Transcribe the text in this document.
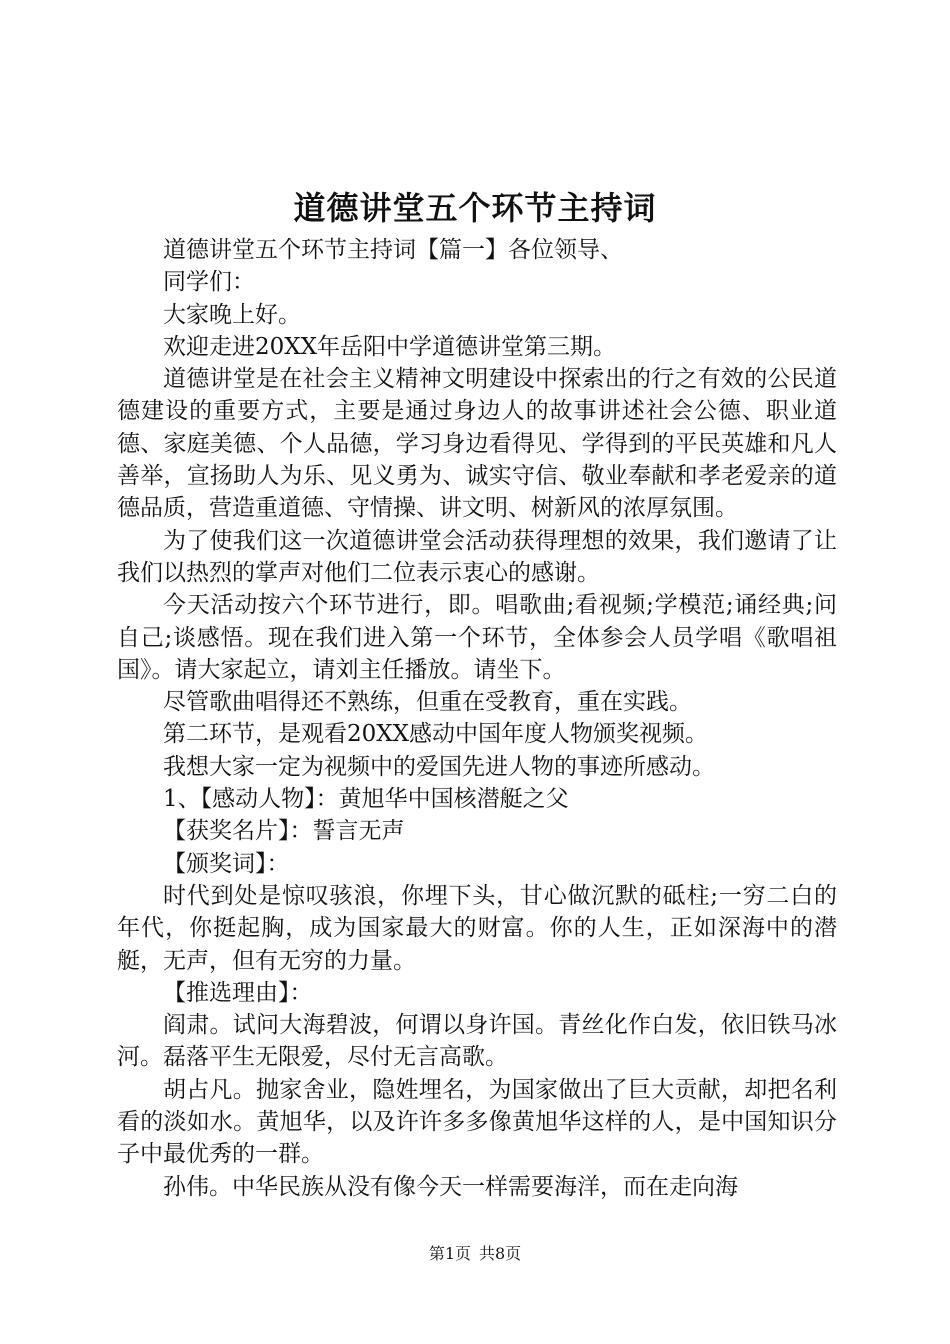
道德讲堂五个环节主持词

道德讲堂五个环节主持词【篇一】各位领导、

同学们：

大家晚上好。

欢迎走进20XX年岳阳中学道德讲堂第三期。

道德讲堂是在社会主义精神文明建设中探索出的行之有效的公民道德建设的重要方式，主要是通过身边人的故事讲述社会公德、职业道德、家庭美德、个人品德，学习身边看得见、学得到的平民英雄和凡人善举，宣扬助人为乐、见义勇为、诚实守信、敬业奉献和孝老爱亲的道德品质，营造重道德、守情操、讲文明、树新风的浓厚氛围。

为了使我们这一次道德讲堂会活动获得理想的效果，我们邀请了让我们以热烈的掌声对他们二位表示衷心的感谢。

今天活动按六个环节进行，即。唱歌曲;看视频;学模范;诵经典;问自己;谈感悟。现在我们进入第一个环节，全体参会人员学唱《歌唱祖国》。请大家起立，请刘主任播放。请坐下。

尽管歌曲唱得还不熟练，但重在受教育，重在实践。

第二环节，是观看20XX感动中国年度人物颁奖视频。

我想大家一定为视频中的爱国先进人物的事迹所感动。

1、【感动人物】：黄旭华中国核潜艇之父

【获奖名片】：誓言无声

【颁奖词】：

时代到处是惊叹骇浪，你埋下头，甘心做沉默的砥柱;一穷二白的年代，你挺起胸，成为国家最大的财富。你的人生，正如深海中的潜艇，无声，但有无穷的力量。

【推选理由】：

阎肃。试问大海碧波，何谓以身许国。青丝化作白发，依旧铁马冰河。磊落平生无限爱，尽付无言高歌。

胡占凡。抛家舍业，隐姓埋名，为国家做出了巨大贡献，却把名利看的淡如水。黄旭华，以及许许多多像黄旭华这样的人，是中国知识分子中最优秀的一群。

孙伟。中华民族从没有像今天一样需要海洋，而在走向海

第1页 共8页
